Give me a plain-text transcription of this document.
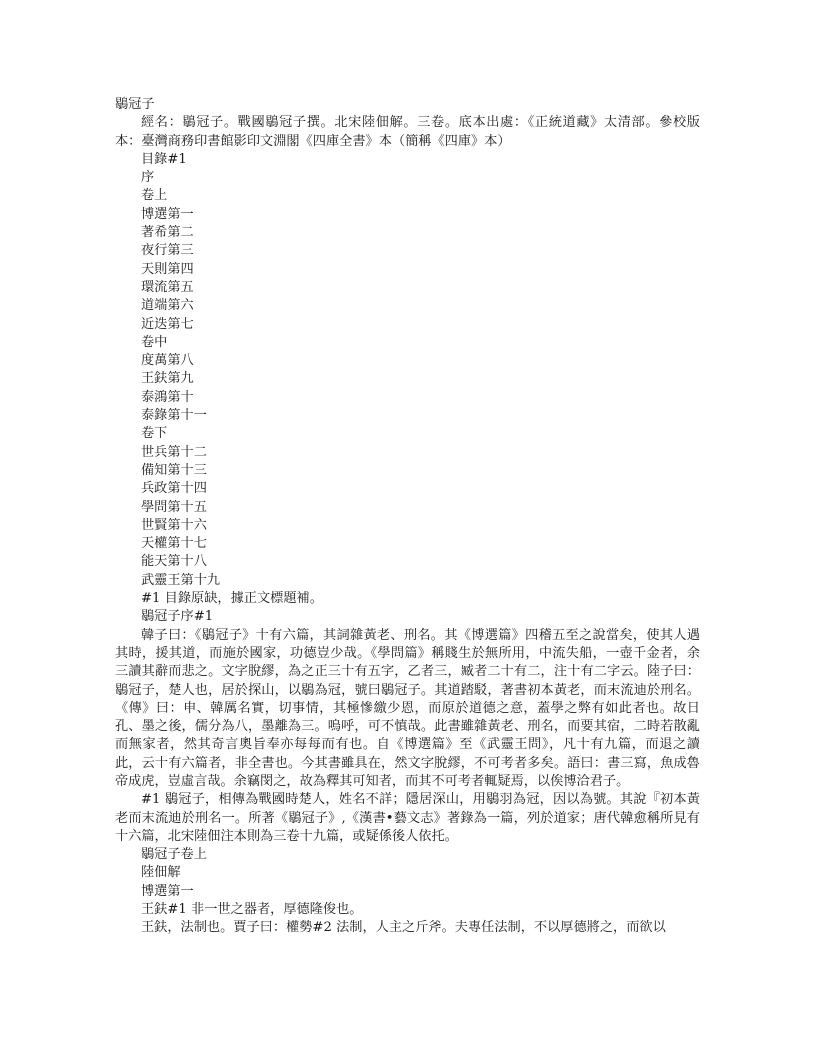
鶡冠子

經名：鶡冠子。戰國鶡冠子撰。北宋陸佃解。三卷。底本出處：《正統道藏》太清部。參校版本：臺灣商務印書館影印文淵閣《四庫全書》本（簡稱《四庫》本）

目錄#1

序

卷上

博選第一

著希第二

夜行第三

天則第四

環流第五

道端第六

近迭第七

卷中

度萬第八

王鈇第九

泰鴻第十

泰錄第十一

卷下

世兵第十二

備知第十三

兵政第十四

學問第十五

世賢第十六

天權第十七

能天第十八

武靈王第十九

#1 目錄原缺，據正文標題補。

鶡冠子序#1

韓子曰：《鶡冠子》十有六篇，其詞雜黃老、刑名。其《博選篇》四稽五至之說當矣，使其人遇其時，援其道，而施於國家，功德豈少哉。《學問篇》稱賤生於無所用，中流失船，一壺千金者，余三讀其辭而悲之。文字脫繆，為之正三十有五字，乙者三，臧者二十有二，注十有二字云。陸子曰：鶡冠子，楚人也，居於探山，以鶡為冠，號曰鶡冠子。其道踏駁，著書初本黃老，而末流迪於刑名。《傳》曰：申、韓厲名實，切事情，其極慘繳少恩，而原於道德之意，蓋學之弊有如此者也。故日孔、墨之後，儒分為八，墨離為三。嗚呼，可不慎哉。此書雖雜黃老、刑名，而要其宿，二時若散亂而無家者，然其奇言奧旨奉亦每每而有也。自《博選篇》至《武靈王問》，凡十有九篇，而退之讀此，云十有六篇者，非全書也。今其書雖具在，然文字脫繆，不可考者多矣。語曰：書三寫，魚成魯帝成虎，豈虛言哉。余竊閔之，故為釋其可知者，而其不可考者輒疑焉，以俟博洽君子。

#1 鶡冠子，相傳為戰國時楚人，姓名不詳；隱居深山，用鶡羽為冠，因以為號。其說『初本黃老而末流迪於刑名一。所著《鶡冠子》,《漢書•藝文志》著錄為一篇，列於道家；唐代韓愈稱所見有十六篇，北宋陸佃注本則為三卷十九篇，或疑係後人依托。

鶡冠子卷上

陸佃解

博選第一

王鈇#1 非一世之器者，厚德隆俊也。

王鈇，法制也。賈子曰：權勢#2 法制，人主之斤斧。夫專任法制，不以厚德將之，而欲以
